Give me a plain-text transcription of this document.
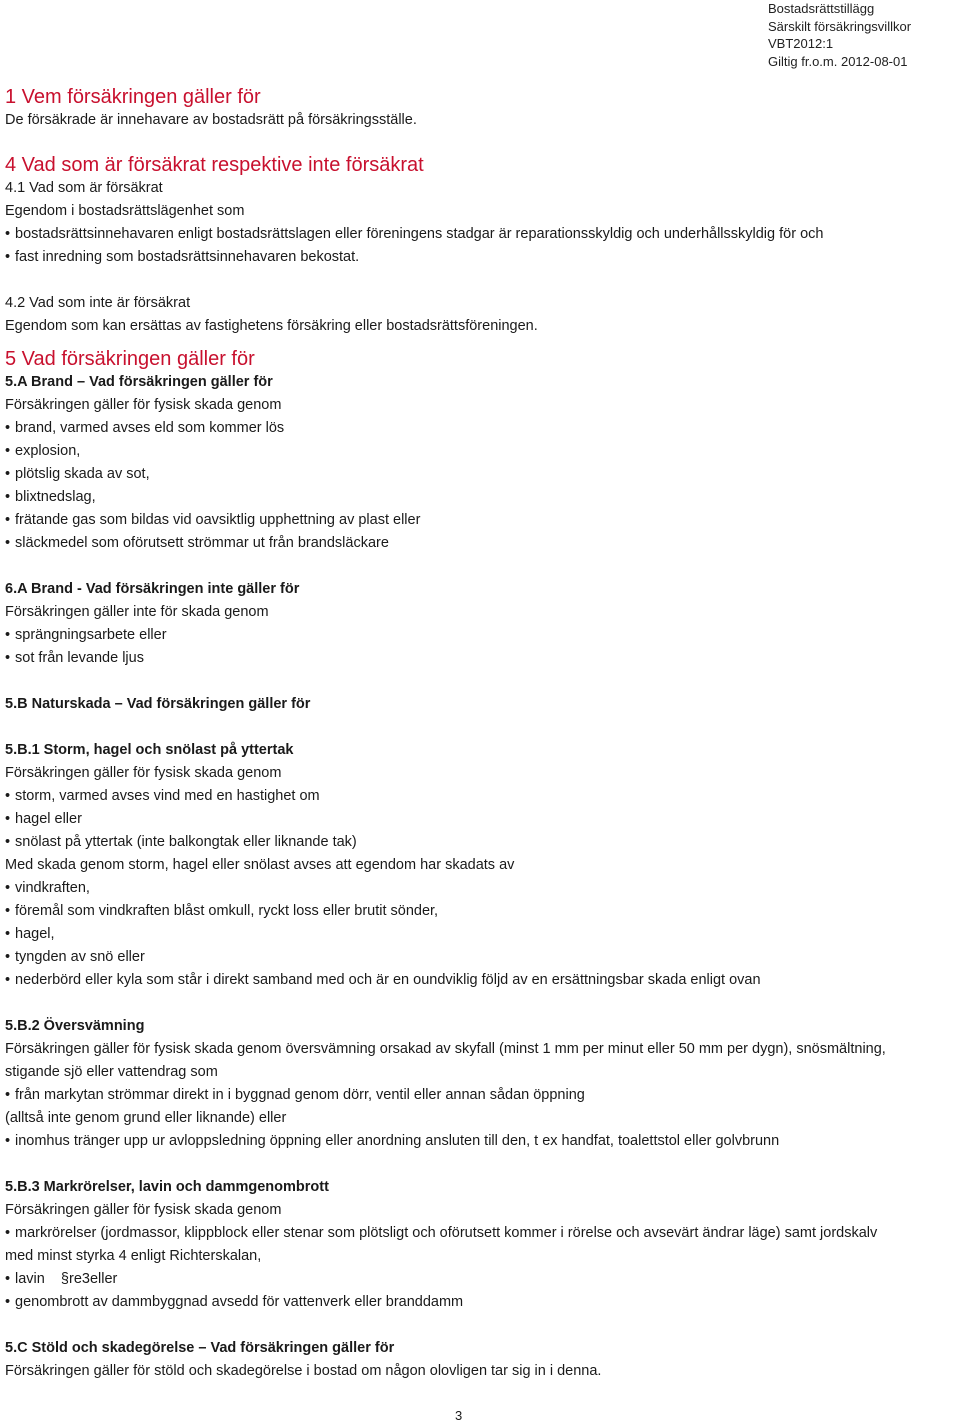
Bostadsrättstillägg
Särskilt försäkringsvillkor VBT2012:1
Giltig fr.o.m. 2012-08-01
1 Vem försäkringen gäller för

De försäkrade är innehavare av bostadsrätt på försäkringsställe.

4 Vad som är försäkrat respektive inte försäkrat

4.1 Vad som är försäkrat

Egendom i bostadsrättslägenhet som

• bostadsrättsinnehavaren enligt bostadsrättslagen eller föreningens stadgar är reparationsskyldig och underhållsskyldig för och
• fast inredning som bostadsrättsinnehavaren bekostat.

4.2 Vad som inte är försäkrat

Egendom som kan ersättas av fastighetens försäkring eller bostadsrättsföreningen.

5 Vad försäkringen gäller för

5.A Brand – Vad försäkringen gäller för

Försäkringen gäller för fysisk skada genom

• brand, varmed avses eld som kommer lös
• explosion,
• plötslig skada av sot,
• blixtnedslag,
• frätande gas som bildas vid oavsiktlig upphettning av plast eller
• släckmedel som oförutsett strömmar ut från brandsläckare

6.A Brand - Vad försäkringen inte gäller för

Försäkringen gäller inte för skada genom

• sprängningsarbete eller
• sot från levande ljus

5.B Naturskada – Vad försäkringen gäller för

5.B.1 Storm, hagel och snölast på yttertak

Försäkringen gäller för fysisk skada genom

• storm, varmed avses vind med en hastighet om
• hagel eller
• snölast på yttertak (inte balkongtak eller liknande tak)

Med skada genom storm, hagel eller snölast avses att egendom har skadats av

• vindkraften,
• föremål som vindkraften blåst omkull, ryckt loss eller brutit sönder,
• hagel,
• tyngden av snö eller
• nederbörd eller kyla som står i direkt samband med och är en oundviklig följd av en ersättningsbar skada enligt ovan

5.B.2 Översvämning

Försäkringen gäller för fysisk skada genom översvämning orsakad av skyfall (minst 1 mm per minut eller 50 mm per dygn), snösmältning,

stigande sjö eller vattendrag som

• från markytan strömmar direkt in i byggnad genom dörr, ventil eller annan sådan öppning

(alltså inte genom grund eller liknande) eller

• inomhus tränger upp ur avloppsledning öppning eller anordning ansluten till den, t ex handfat, toalettstol eller golvbrunn

5.B.3 Markrörelser, lavin och dammgenombrott

Försäkringen gäller för fysisk skada genom

• markrörelser (jordmassor, klippblock eller stenar som plötsligt och oförutsett kommer i rörelse och avsevärt ändrar läge) samt jordskalv

med minst styrka 4 enligt Richterskalan,

• lavin    §re3eller
• genombrott av dammbyggnad avsedd för vattenverk eller branddamm

5.C Stöld och skadegörelse – Vad försäkringen gäller för

Försäkringen gäller för stöld och skadegörelse i bostad om någon olovligen tar sig in i denna.

3
